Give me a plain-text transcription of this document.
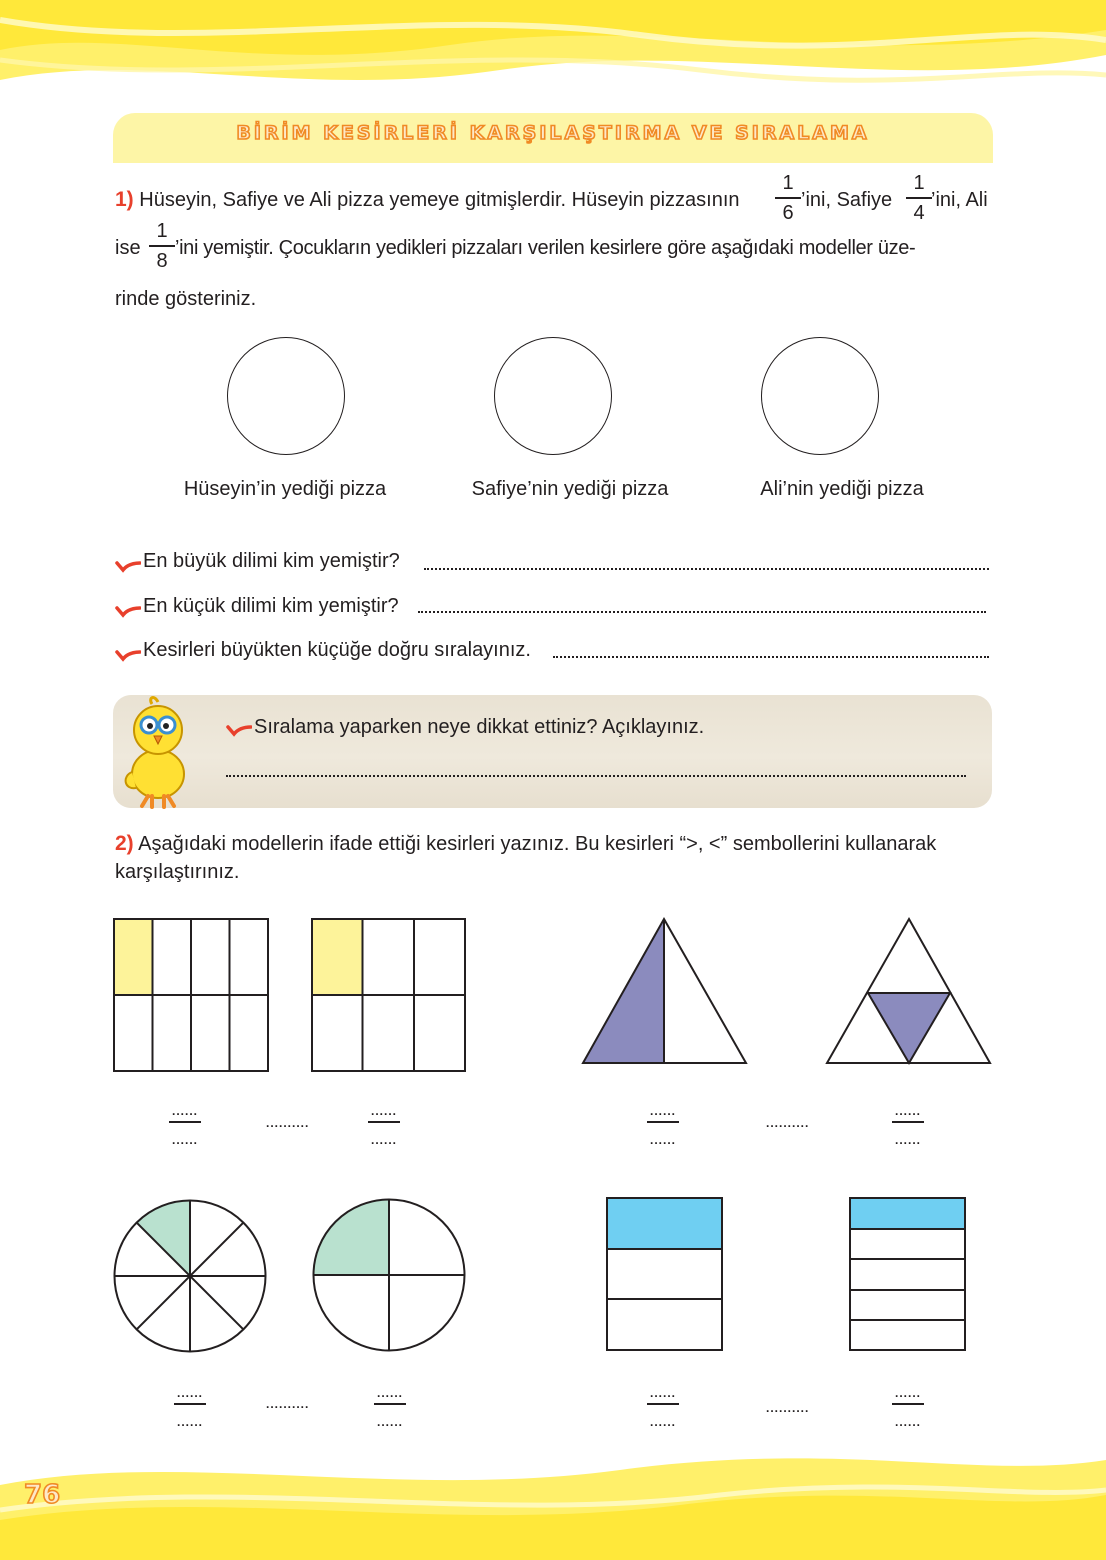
BİRİM KESİRLERİ KARŞILAŞTIRMA VE SIRALAMA
1) Hüseyin, Safiye ve Ali pizza yemeye gitmişlerdir. Hüseyin pizzasının
1
6
’ini, Safiye
1
4
’ini, Ali
ise
1
8
’ini yemiştir. Çocukların yedikleri pizzaları verilen kesirlere göre aşağıdaki modeller üze-
rinde gösteriniz.
Hüseyin’in yediği pizza	Safiye’nin yediği pizza	Ali’nin yediği pizza
En büyük dilimi kim yemiştir?
En küçük dilimi kim yemiştir?
Kesirleri büyükten küçüğe doğru sıralayınız.
Sıralama yaparken neye dikkat ettiniz? Açıklayınız.
2) Aşağıdaki modellerin ifade ettiği kesirleri yazınız. Bu kesirleri “>, <” sembollerini kullanarak
karşılaştırınız.
......
......
..........
......
......
......
......
..........
......
......
......
......
..........
......
......
......
......
..........
......
......
76
